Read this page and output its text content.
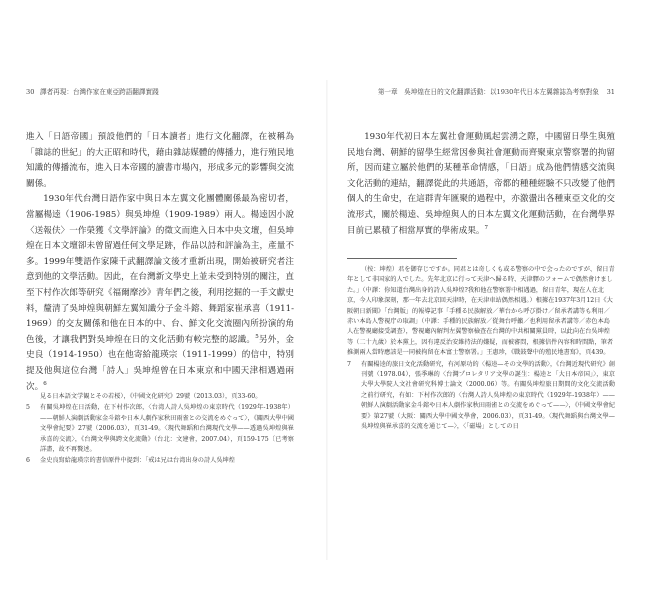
30 譯者再現：台灣作家在東亞跨語翻譯實踐

進入「日語帝國」預設他們的「日本讀者」進行文化翻譯，在被稱為「雜誌的世紀」的大正昭和時代，藉由雜誌媒體的傳播力，進行殖民地知識的傳播流布，進入日本帝國的讀書市場內，形成多元的影響與交流關係。

1930年代台灣日語作家中與日本左翼文化團體關係最為密切者，當屬楊逵（1906-1985）與吳坤煌（1909-1989）兩人。楊逵因小說〈送報伕〉一作榮獲《文學評論》的徵文而進入日本中央文壇，但吳坤煌在日本文壇卻未曾留過任何文學足跡，作品以詩和評論為主，產量不多。1999年雙語作家陳千武翻譯論文後才重新出現，開始被研究者注意到他的文學活動。因此，在台灣新文學史上並未受到特別的關注，直至下村作次郎等研究《福爾摩沙》青年們之後，利用挖掘的一手文獻史料，釐清了吳坤煌與朝鮮左翼知識分子金斗鎔、舞蹈家崔承喜（1911-1969）的交友關係和他在日本的中、台、鮮文化交流圈內所扮演的角色後，才讓我們對吳坤煌在日的文化活動有較完整的認識。$^5$另外，金史良（1914-1950）也在他寄給龍瑛宗（1911-1999）的信中，特別提及他與這位台灣「詩人」吳坤煌曾在日本東京和中國天津相遇過兩次。$^6$

見る日本語文学観とその若桜），《中國文化研究》29號（2013.03），頁33-60。
5	有關吳坤煌在日活動，在下村作次郎，〈台湾人詩人吳坤煌の東京時代（1929年-1938年）——朝鮮人演劇活動家金斗鎔や日本人劇作家秋田雨雀との交流をめぐって〉，《關西大學中國文學會紀要》27號（2006.03），頁31-49。〈現代舞蹈和台灣現代文學——透過吳坤煌與崔承喜的交流〉，《台灣文學與跨文化流動》（台北：文建會，2007.04），頁159-175〔已考察詳盡，故不再贅述。
6	金史良寫給龍瑛宗的書信原件中提到：「戒は兄は台湾出身の詩人吳坤煌
第一章　吳坤煌在日的文化翻譯活動：以1930年代日本左翼雜誌為考察對象 31

1930年代初日本左翼社會運動風起雲湧之際，中國留日學生與殖民地台灣、朝鮮的留學生經常因參與社會運動而齊聚東京警察署的拘留所，因而建立屬於他們的某種革命情感，「日語」成為他們情感交流與文化活動的連結，翻譯從此的共通語，帝都的種種經驗不只改變了他們個人的生命史，在這群青年匯聚的過程中，亦激盪出各種東亞文化的交流形式，關於楊逵、吳坤煌與人的日本左翼文化運動活動，在台灣學界目前已累積了相當厚實的學術成果。$^7$

（按：坤煌）君を御存じですか。同君とは奇しくも或る警察の中で会ったのですが、留日青年として非国家的人でした。先年北京に行って天津へ歸る時、天津驛のフォームで偶然會けました。」（中譯：你知道台灣出身的詩人吳坤煌?我和他在警察署中相遇過，留日青年，現在人在北京，今人印象深刻，那一年去北京回天津時，在天津車站偶然相遇。）根據在1937年3月12日《大阪朝日新聞》「台灣版」的報導記事「手種る民族解放／華台から呼び掛け／留承者講等も利用／赤い本島人警視庁の取調」（中譯：手種的民族解放／從舞台呼籲／也利用留承者講等／赤色本島人在警視廳接受調查），警視廳內解判左翼警察檢查在台灣的中共相關黨員時，以此向在台吳坤煌等（二十九歲）於本黨上，因有違反治安維持法的嫌疑，而被審問，根據信件內容和時間點，筆者推測兩人當時應該是一同被拘留在本富士警察署。」王惠珍，《戰鼓聲中的殖民地書寫》，頁439。
7	有關楊逵的旅日文化活動研究，有河原功的〈楊逵—その文學的活動〉，《台灣近現代研究》創刊號（1978.04），張季琳的〈台灣プロレタリア文學の誕生：楊逵と「大日本帝国」〉，東京大學大學院人文社會研究科博士論文（2000.06）等。有關吳坤煌旅日期間的文化交流活動之前行研究，有如：下村作次郎的〈台灣人詩人吳坤煌の東京時代（1929年-1938年）——朝鮮人演劇活動家金斗鎔や日本人劇作家秋田雨雀との交流をめぐって——〉，《中國文學會紀要》第27號（大阪：關西大學中國文學會，2006.03），頁31-49。〈現代舞蹈與台灣文學—吳坤煌與崔承喜的交流を通じて—〉，〈「磁場」としての日
